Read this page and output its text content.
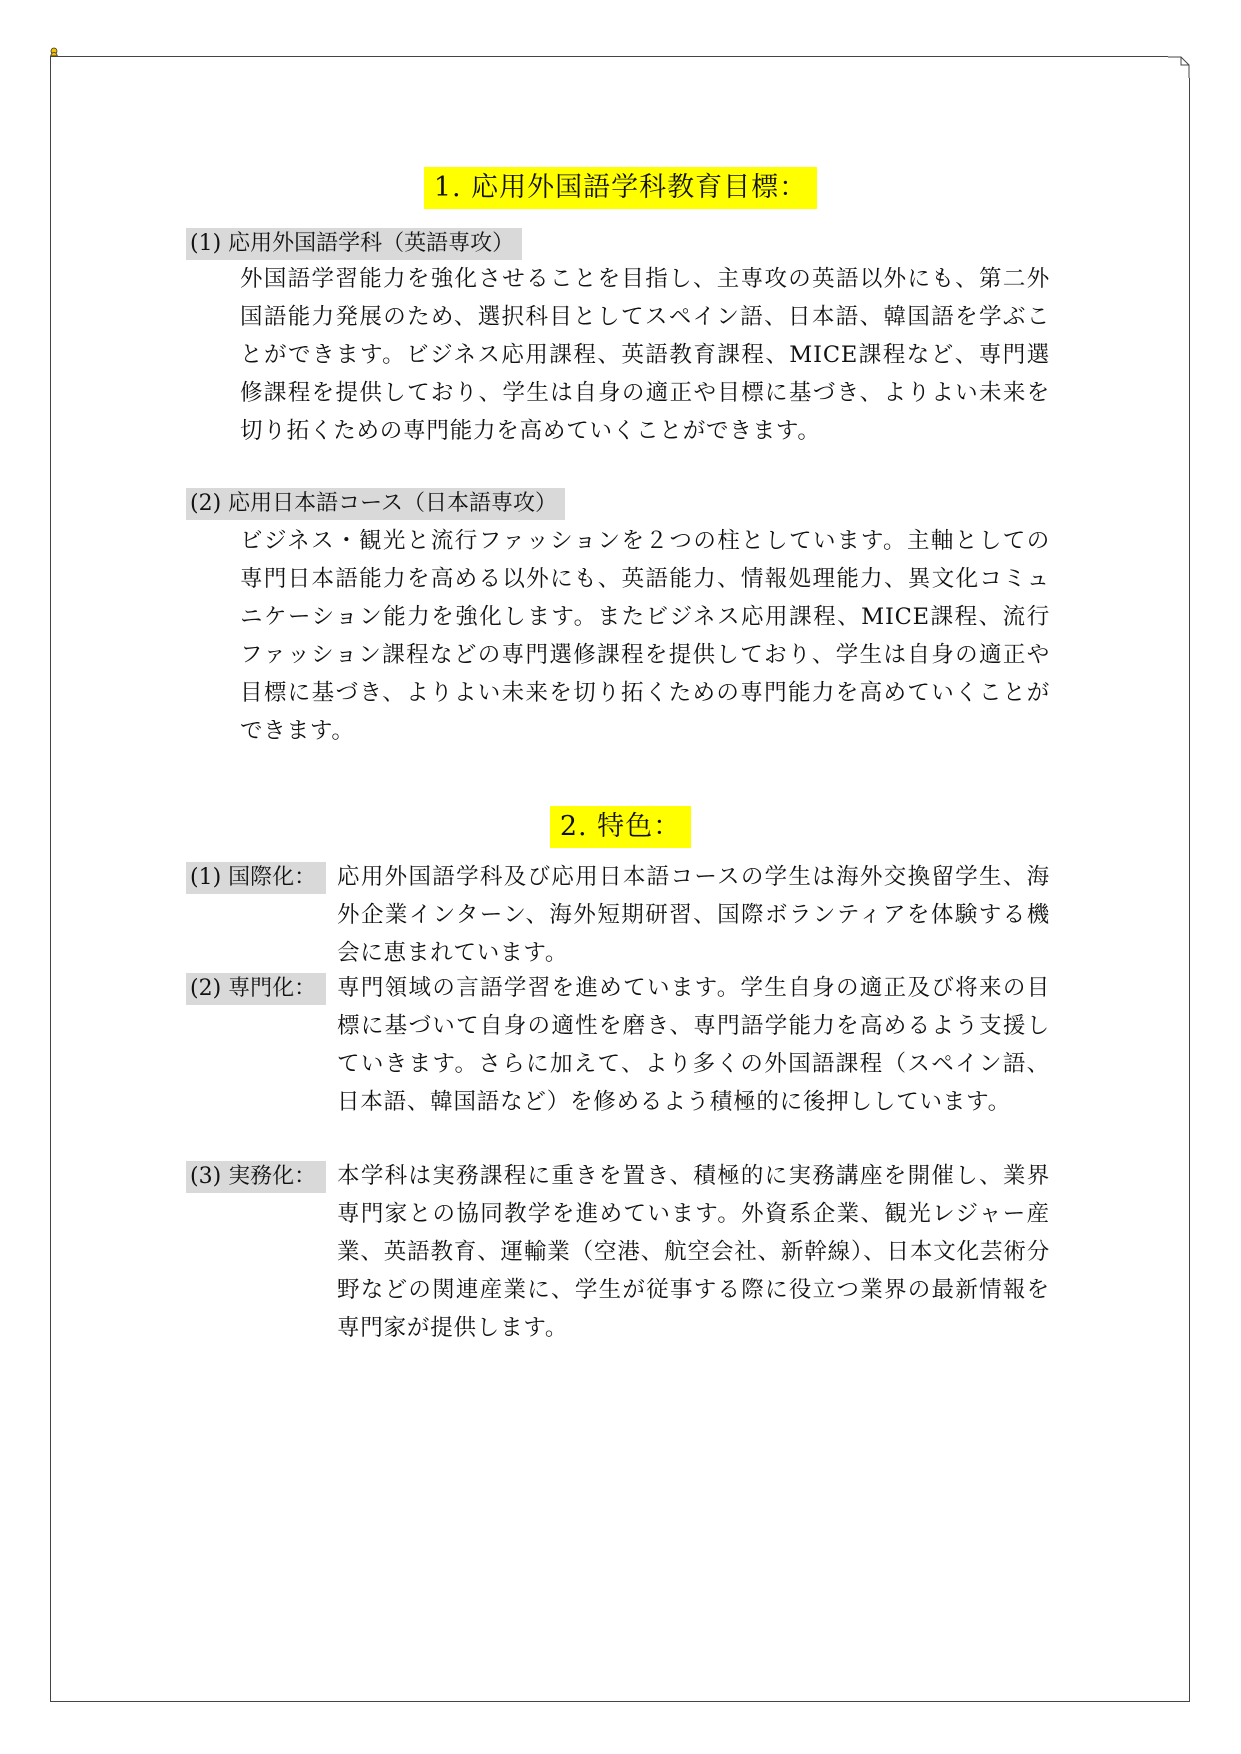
1. 応用外国語学科教育目標：
(1) 応用外国語学科（英語専攻）

外国語学習能力を強化させることを目指し、主専攻の英語以外にも、第二外国語能力発展のため、選択科目としてスペイン語、日本語、韓国語を学ぶことができます。ビジネス応用課程、英語教育課程、MICE課程など、専門選修課程を提供しており、学生は自身の適正や目標に基づき、よりよい未来を切り拓くための専門能力を高めていくことができます。

(2) 応用日本語コース（日本語専攻）

ビジネス・観光と流行ファッションを２つの柱としています。主軸としての専門日本語能力を高める以外にも、英語能力、情報処理能力、異文化コミュニケーション能力を強化します。またビジネス応用課程、MICE課程、流行ファッション課程などの専門選修課程を提供しており、学生は自身の適正や目標に基づき、よりよい未来を切り拓くための専門能力を高めていくことができます。

2. 特色：
(1) 国際化： 応用外国語学科及び応用日本語コースの学生は海外交換留学生、海外企業インターン、海外短期研習、国際ボランティアを体験する機会に恵まれています。

(2) 専門化： 専門領域の言語学習を進めています。学生自身の適正及び将来の目標に基づいて自身の適性を磨き、専門語学能力を高めるよう支援していきます。さらに加えて、より多くの外国語課程（スペイン語、日本語、韓国語など）を修めるよう積極的に後押ししています。

(3) 実務化： 本学科は実務課程に重きを置き、積極的に実務講座を開催し、業界専門家との協同教学を進めています。外資系企業、観光レジャー産業、英語教育、運輸業（空港、航空会社、新幹線）、日本文化芸術分野などの関連産業に、学生が従事する際に役立つ業界の最新情報を専門家が提供します。
